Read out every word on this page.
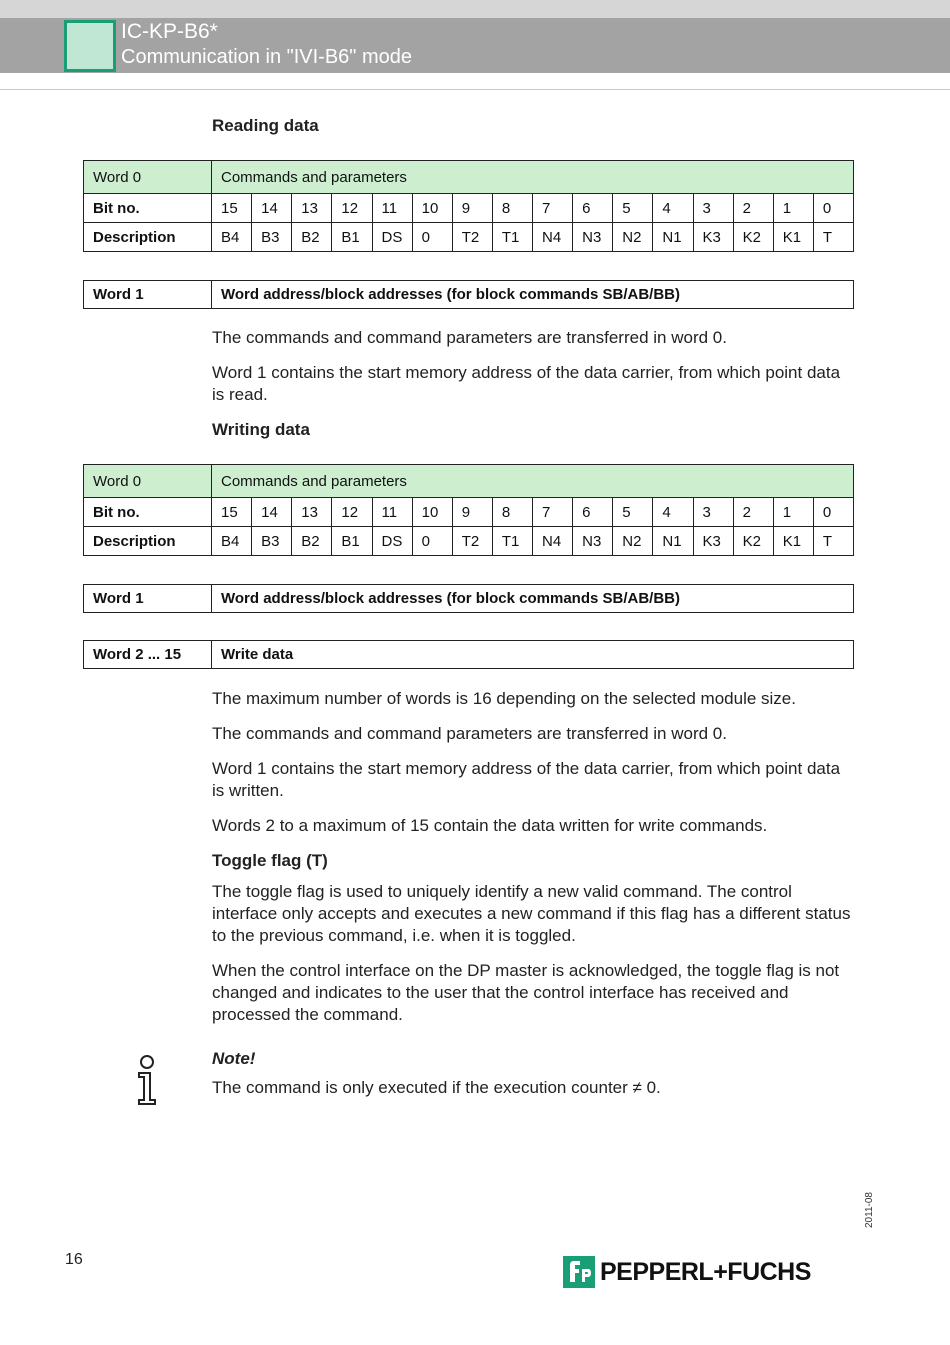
IC-KP-B6*
Communication in "IVI-B6" mode
Reading data
Word 0	Commands and parameters															
Bit no.	15	14	13	12	11	10	9	8	7	6	5	4	3	2	1	0
Description	B4	B3	B2	B1	DS	0	T2	T1	N4	N3	N2	N1	K3	K2	K1	T
Word 1	Word address/block addresses (for block commands SB/AB/BB)
The commands and command parameters are transferred in word 0.
Word 1 contains the start memory address of the data carrier, from which point data is read.
Writing data
Word 0	Commands and parameters															
Bit no.	15	14	13	12	11	10	9	8	7	6	5	4	3	2	1	0
Description	B4	B3	B2	B1	DS	0	T2	T1	N4	N3	N2	N1	K3	K2	K1	T
Word 1	Word address/block addresses (for block commands SB/AB/BB)
Word 2 ... 15	Write data
The maximum number of words is 16 depending on the selected module size.
The commands and command parameters are transferred in word 0.
Word 1 contains the start memory address of the data carrier, from which point data is written.
Words 2 to a maximum of 15 contain the data written for write commands.
Toggle flag (T)
The toggle flag is used to uniquely identify a new valid command. The control interface only accepts and executes a new command if this flag has a different status to the previous command, i.e. when it is toggled.
When the control interface on the DP master is acknowledged, the toggle flag is not changed and indicates to the user that the control interface has received and processed the command.
Note!
The command is only executed if the execution counter ≠ 0.
16
2011-08
PEPPERL+FUCHS
